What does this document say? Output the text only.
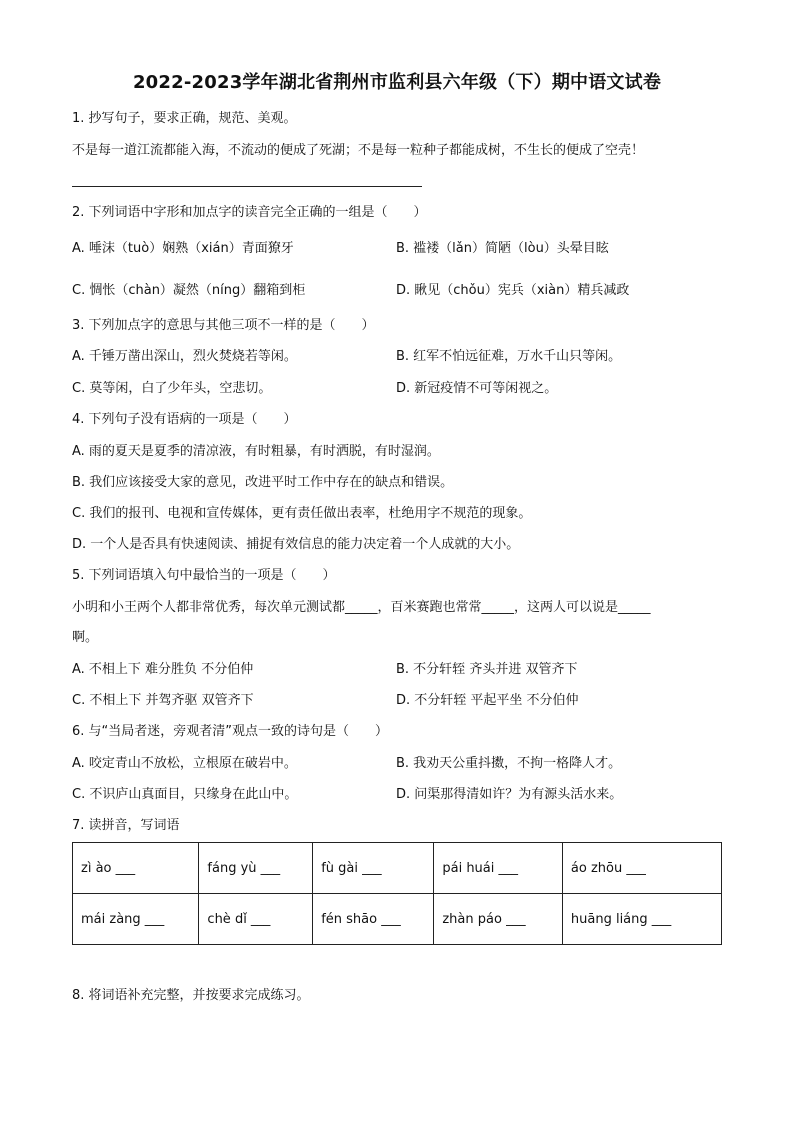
2022-2023学年湖北省荆州市监利县六年级（下）期中语文试卷
1. 抄写句子，要求正确，规范、美观。
不是每一道江流都能入海，不流动的便成了死湖；不是每一粒种子都能成树，不生长的便成了空壳！
2. 下列词语中字形和加点字的读音完全正确的一组是（　　）
A. 唾沫（tuò）娴熟（xián）青面獠牙	B. 褴褛（lǎn）简陋（lòu）头晕目眩
C. 惆怅（chàn）凝然（níng）翻箱到柜	D. 瞅见（chǒu）宪兵（xiàn）精兵减政
3. 下列加点字的意思与其他三项不一样的是（　　）
A. 千锤万凿出深山，烈火焚烧若等闲。	B. 红军不怕远征难，万水千山只等闲。
C. 莫等闲，白了少年头，空悲切。	D. 新冠疫情不可等闲视之。
4. 下列句子没有语病的一项是（　　）
A. 雨的夏天是夏季的清凉液，有时粗暴，有时洒脱，有时湿润。
B. 我们应该接受大家的意见，改进平时工作中存在的缺点和错误。
C. 我们的报刊、电视和宣传媒体，更有责任做出表率，杜绝用字不规范的现象。
D. 一个人是否具有快速阅读、捕捉有效信息的能力决定着一个人成就的大小。
5. 下列词语填入句中最恰当的一项是（　　）
小明和小王两个人都非常优秀，每次单元测试都_____，百米赛跑也常常_____，这两人可以说是_____
啊。
A. 不相上下 难分胜负 不分伯仲	B. 不分轩轾 齐头并进 双管齐下
C. 不相上下 并驾齐驱 双管齐下	D. 不分轩轾 平起平坐 不分伯仲
6. 与“当局者迷，旁观者清”观点一致的诗句是（　　）
A. 咬定青山不放松，立根原在破岩中。	B. 我劝天公重抖擞，不拘一格降人才。
C. 不识庐山真面目，只缘身在此山中。	D. 问渠那得清如许？为有源头活水来。
7. 读拼音，写词语
zì ào ___	fáng yù ___	fù gài ___	pái huái ___	áo zhōu ___
mái zàng ___	chè dǐ ___	fén shāo ___	zhàn páo ___	huāng liáng ___
8. 将词语补充完整，并按要求完成练习。
